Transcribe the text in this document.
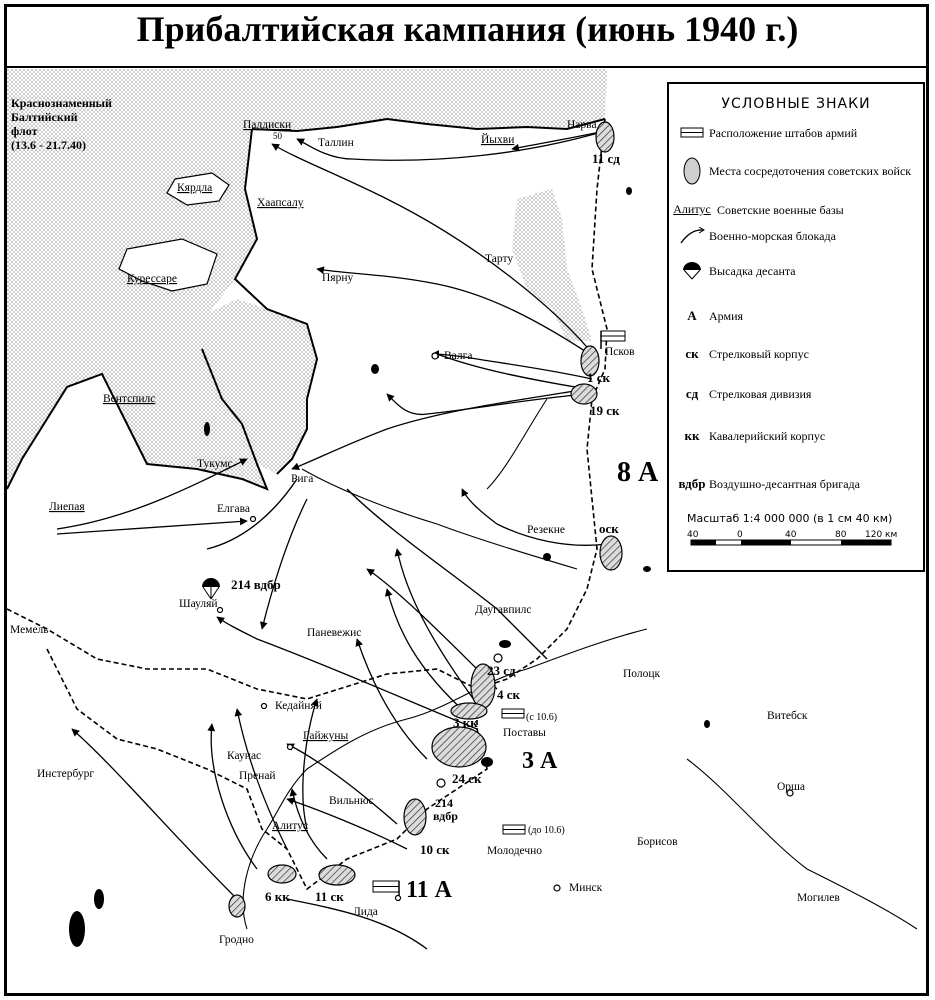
Прибалтийская кампания (июнь 1940 г.)
Краснознаменный
Балтийский
флот
(13.6 - 21.7.40)
Палдиски
50
Таллин
Нарва
Йыхви
Кярдла
Хаапсалу
Курессаре	Пярну
Тарту
Псков
Валга
Вентспилс
Тукумс
Рига
Лиепая	Елгава
Резекне
Даугавпилс
Шауляй
Мемель	Паневежис
Кедайняй
Гайжуны
Каунас
Пренай
Инстербург
Вильнюс
Алитус
Гродно
Лида
Поставы
Молодечно
Полоцк
Витебск
Орша
Борисов
Минск
Могилев
11 сд
1 ск
19 ск
8 А
оск
214 вдбр
23 сд
4 ск
3 кк
24 ск
3 А
214
вдбр
10 ск
6 кк 11 ск	11 А
(с 10.6)
(до 10.6)
УСЛОВНЫЕ ЗНАКИ
Расположение штабов армий
Места сосредоточения советских войск
Алитус Советские военные базы
Военно-морская блокада
Высадка десанта
А	Армия
ск Стрелковый корпус
сд Стрелковая дивизия
кк Кавалерийский корпус
вдбр Воздушно-десантная бригада
Масштаб 1:4 000 000 (в 1 см 40 км)
40	0	40	80 120 км
